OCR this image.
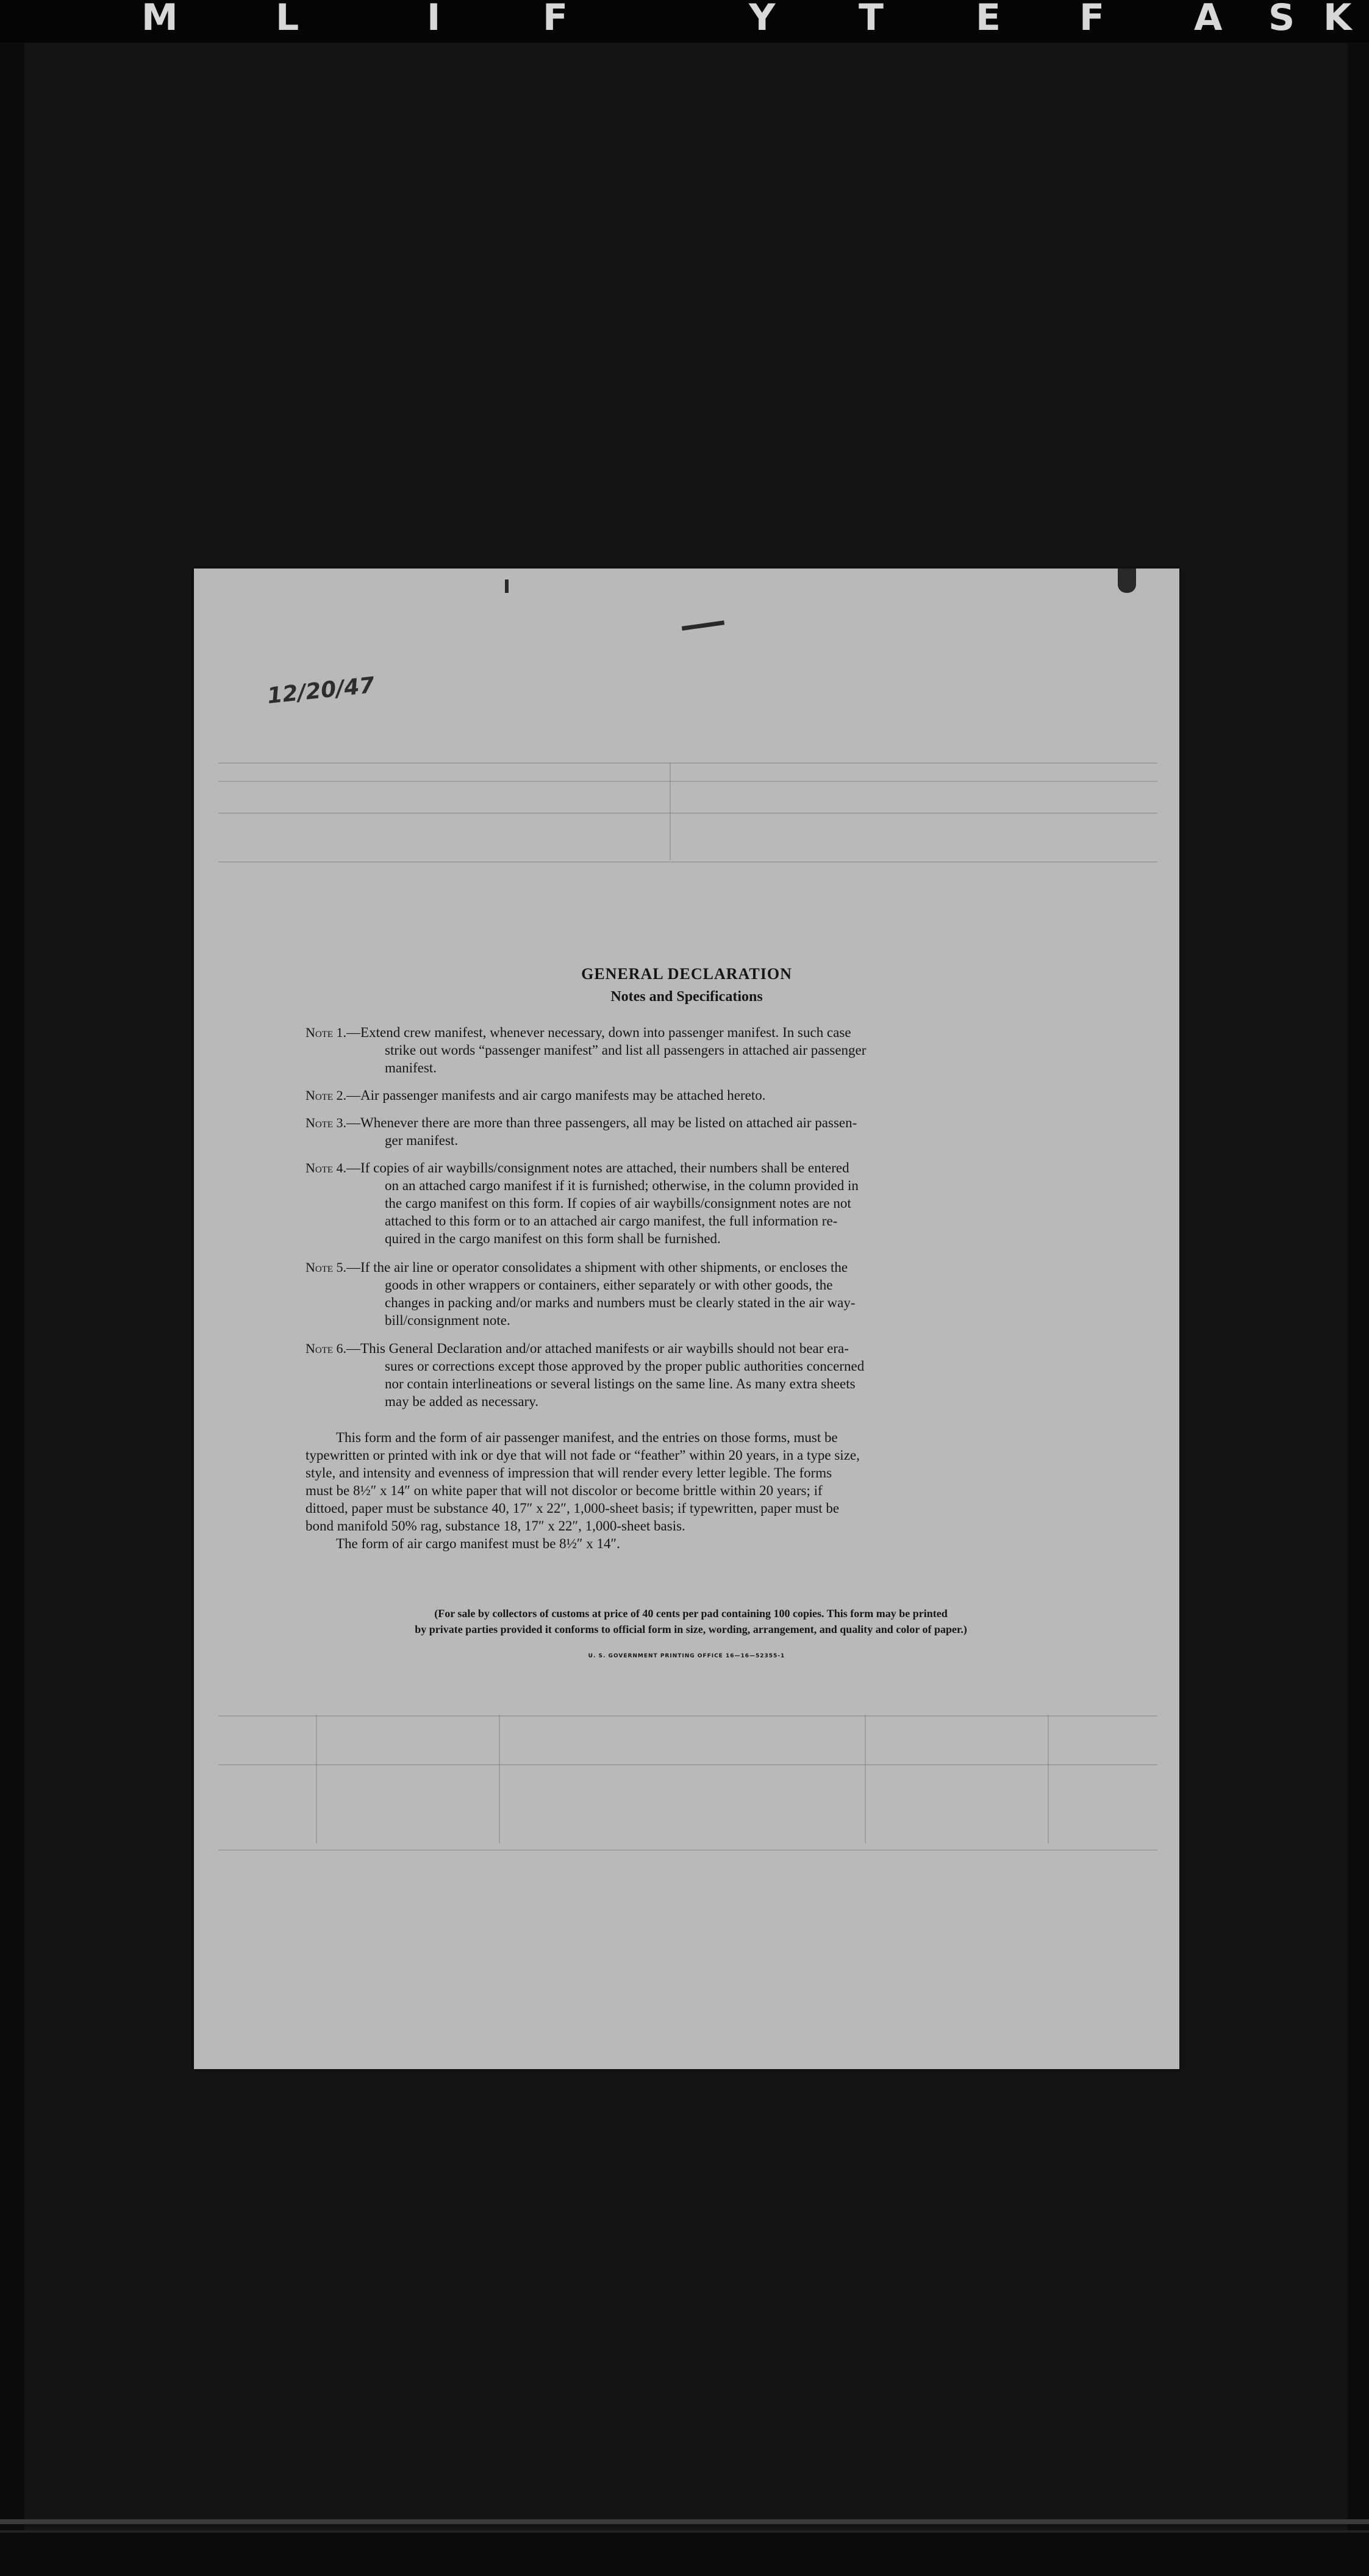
M	L	I	F	Y T	E F A S K
12/20/47
GENERAL DECLARATION
Notes and Specifications
Note 1.—Extend crew manifest, whenever necessary, down into passenger manifest. In such case
strike out words “passenger manifest” and list all passengers in attached air passenger
manifest.
Note 2.—Air passenger manifests and air cargo manifests may be attached hereto.
Note 3.—Whenever there are more than three passengers, all may be listed on attached air passen-
ger manifest.
Note 4.—If copies of air waybills/consignment notes are attached, their numbers shall be entered
on an attached cargo manifest if it is furnished; otherwise, in the column provided in
the cargo manifest on this form. If copies of air waybills/consignment notes are not
attached to this form or to an attached air cargo manifest, the full information re-
quired in the cargo manifest on this form shall be furnished.
Note 5.—If the air line or operator consolidates a shipment with other shipments, or encloses the
goods in other wrappers or containers, either separately or with other goods, the
changes in packing and/or marks and numbers must be clearly stated in the air way-
bill/consignment note.
Note 6.—This General Declaration and/or attached manifests or air waybills should not bear era-
sures or corrections except those approved by the proper public authorities concerned
nor contain interlineations or several listings on the same line. As many extra sheets
may be added as necessary.

This form and the form of air passenger manifest, and the entries on those forms, must be

typewritten or printed with ink or dye that will not fade or “feather” within 20 years, in a type size,

style, and intensity and evenness of impression that will render every letter legible. The forms

must be 8½″ x 14″ on white paper that will not discolor or become brittle within 20 years; if

dittoed, paper must be substance 40, 17″ x 22″, 1,000-sheet basis; if typewritten, paper must be

bond manifold 50% rag, substance 18, 17″ x 22″, 1,000-sheet basis.

The form of air cargo manifest must be 8½″ x 14″.

(For sale by collectors of customs at price of 40 cents per pad containing 100 copies. This form may be printed
by private parties provided it conforms to official form in size, wording, arrangement, and quality and color of paper.)
U. S. GOVERNMENT PRINTING OFFICE 16—16—52355-1
